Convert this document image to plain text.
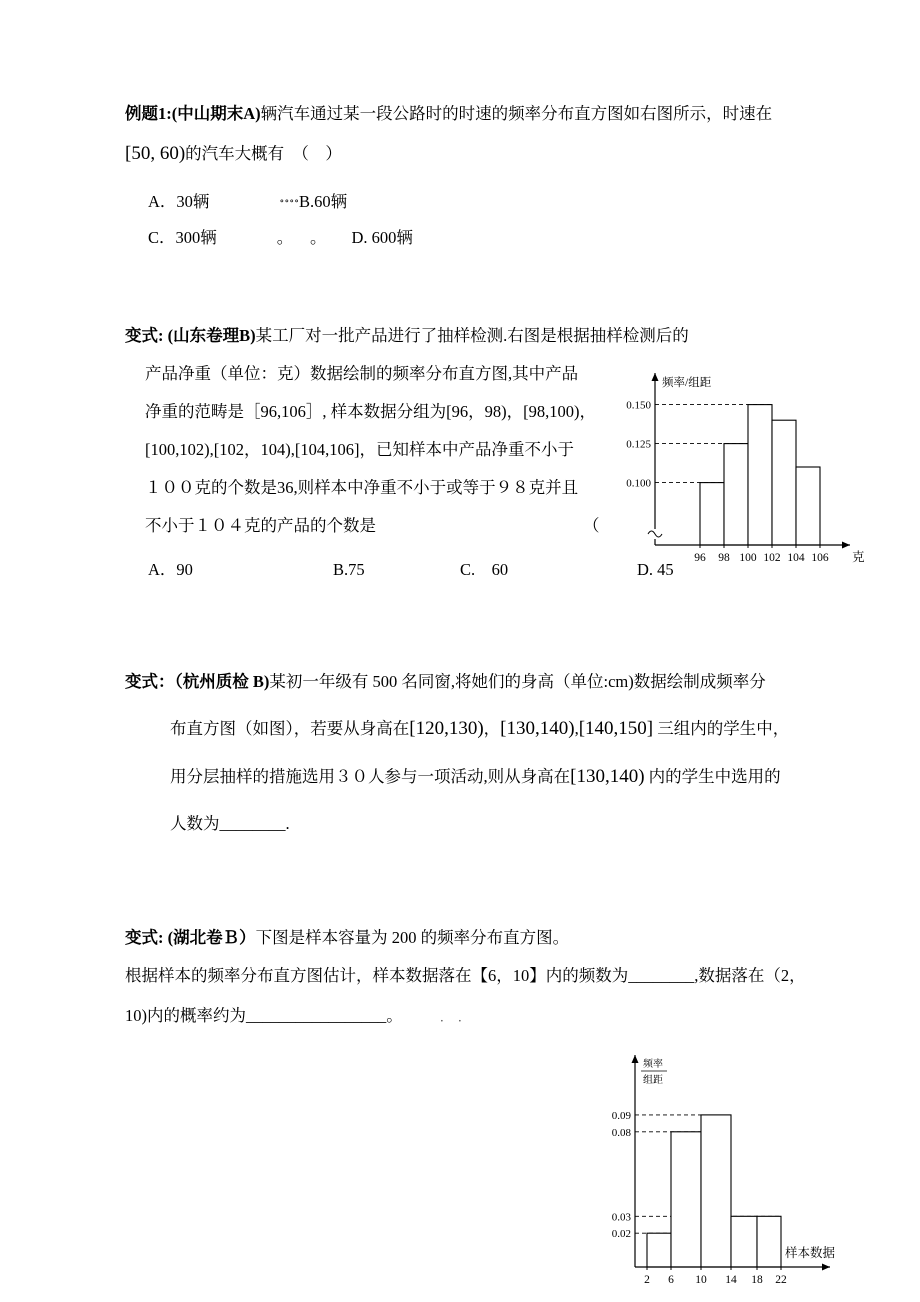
例题1:(中山期末A)辆汽车通过某一段公路时的时速的频率分布直方图如右图所示，时速在
[50, 60)的汽车大概有　（　）
A．30辆	∘∘∘∘B.60辆
C．300辆	。 。 D. 600辆
变式: (山东卷理B)某工厂对一批产品进行了抽样检测.右图是根据抽样检测后的
产品净重（单位：克）数据绘制的频率分布直方图,其中产品
净重的范畴是［96,106］, 样本数据分组为[96，98)，[98,100)，
[100,102),[102，104),[104,106]，已知样本中产品净重不小于
１００克的个数是36,则样本中净重不小于或等于９８克并且
不小于１０４克的产品的个数是	（
A．90	B.75	C.　60	D. 45
0.150
0.125
0.100
96 98 100 102 104 106 克
频率/组距
变式：（杭州质检 B)某初一年级有 500 名同窗,将她们的身高（单位:cm)数据绘制成频率分
布直方图（如图），若要从身高在[120,130)，[130,140),[140,150] 三组内的学生中，
用分层抽样的措施选用３０人参与一项活动,则从身高在[130,140) 内的学生中选用的
人数为________.
变式: (湖北卷Ｂ）下图是样本容量为 200 的频率分布直方图。
根据样本的频率分布直方图估计，样本数据落在【6，10】内的频数为________,数据落在（2，
10)内的概率约为_________________。	．　．
0.09
0.08
0.03
0.02
2 6 10 14 18 22
样本数据
频率
组距
